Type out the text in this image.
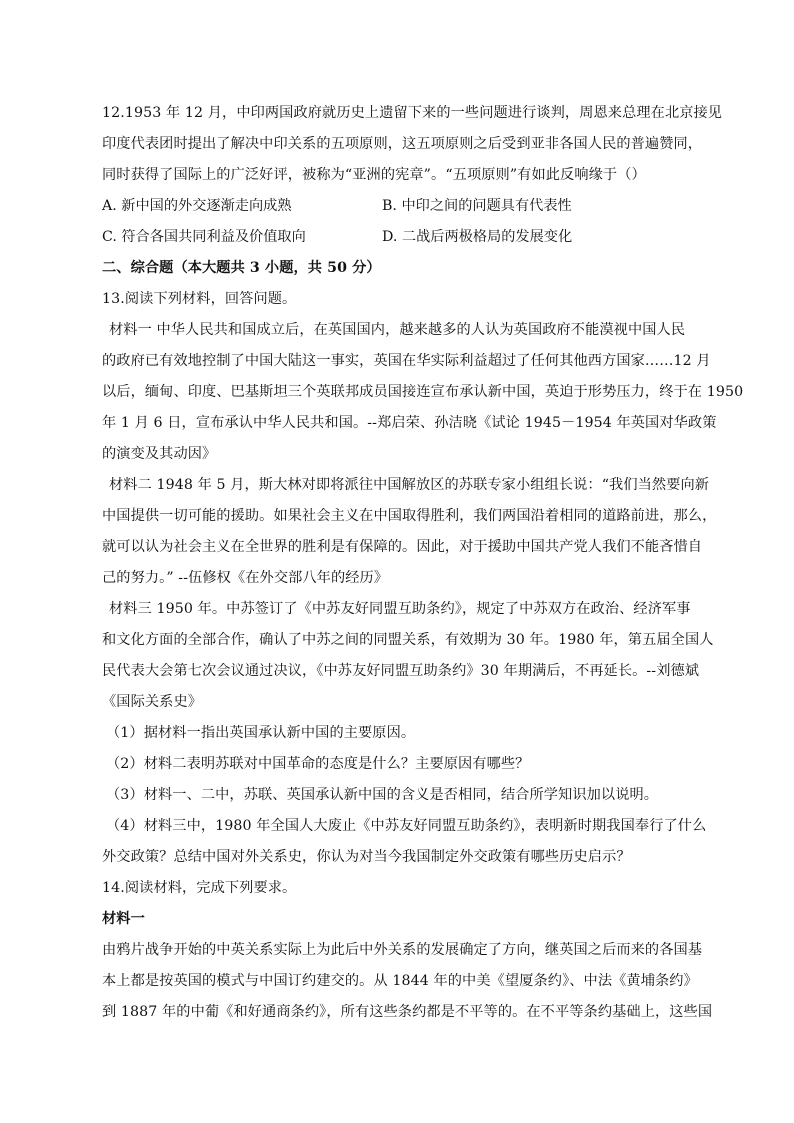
12.1953 年 12 月，中印两国政府就历史上遗留下来的一些问题进行谈判，周恩来总理在北京接见
印度代表团时提出了解决中印关系的五项原则，这五项原则之后受到亚非各国人民的普遍赞同，
同时获得了国际上的广泛好评，被称为“亚洲的宪章”。“五项原则”有如此反响缘于（）
A. 新中国的外交逐渐走向成熟	B. 中印之间的问题具有代表性
C. 符合各国共同利益及价值取向	D. 二战后两极格局的发展变化
二、综合题（本大题共 3 小题，共 50 分）
13.阅读下列材料，回答问题。
材料一 中华人民共和国成立后，在英国国内，越来越多的人认为英国政府不能漠视中国人民
的政府已有效地控制了中国大陆这一事实，英国在华实际利益超过了任何其他西方国家……12 月
以后，缅甸、印度、巴基斯坦三个英联邦成员国接连宣布承认新中国，英迫于形势压力，终于在 1950
年 1 月 6 日，宣布承认中华人民共和国。--郑启荣、孙洁晓《试论 1945－1954 年英国对华政策
的演变及其动因》
材料二 1948 年 5 月，斯大林对即将派往中国解放区的苏联专家小组组长说：“我们当然要向新
中国提供一切可能的援助。如果社会主义在中国取得胜利，我们两国沿着相同的道路前进，那么，
就可以认为社会主义在全世界的胜利是有保障的。因此，对于援助中国共产党人我们不能吝惜自
己的努力。” --伍修权《在外交部八年的经历》
材料三 1950 年。中苏签订了《中苏友好同盟互助条约》，规定了中苏双方在政治、经济军事
和文化方面的全部合作，确认了中苏之间的同盟关系，有效期为 30 年。1980 年，第五届全国人
民代表大会第七次会议通过决议，《中苏友好同盟互助条约》30 年期满后，不再延长。--刘德斌
《国际关系史》
（1）据材料一指出英国承认新中国的主要原因。
（2）材料二表明苏联对中国革命的态度是什么？主要原因有哪些？
（3）材料一、二中，苏联、英国承认新中国的含义是否相同，结合所学知识加以说明。
（4）材料三中，1980 年全国人大废止《中苏友好同盟互助条约》，表明新时期我国奉行了什么
外交政策？总结中国对外关系史，你认为对当今我国制定外交政策有哪些历史启示？
14.阅读材料，完成下列要求。
材料一
由鸦片战争开始的中英关系实际上为此后中外关系的发展确定了方向，继英国之后而来的各国基
本上都是按英国的模式与中国订约建交的。从 1844 年的中美《望厦条约》、中法《黄埔条约》
到 1887 年的中葡《和好通商条约》，所有这些条约都是不平等的。在不平等条约基础上，这些国
